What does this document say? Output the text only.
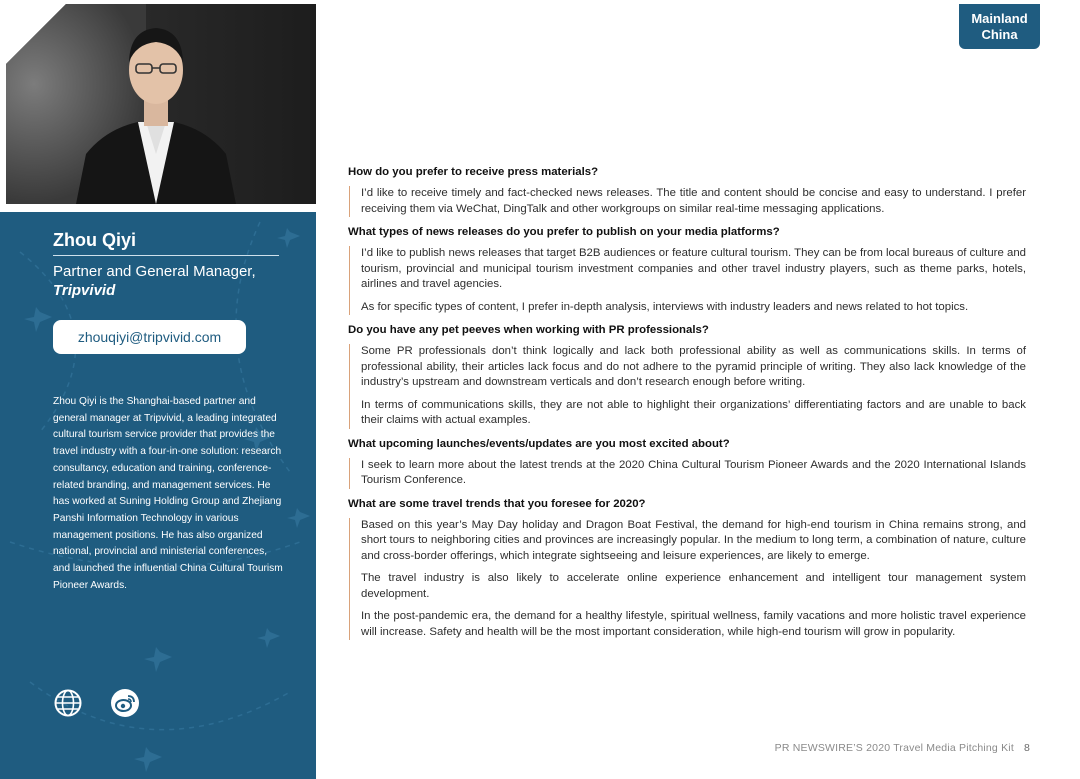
Zhou Qiyi
Partner and General Manager,
Tripvivid
zhouqiyi@tripvivid.com
Zhou Qiyi is the Shanghai-based partner and general manager at Tripvivid, a leading integrated cultural tourism service provider that provides the travel industry with a four-in-one solution: research consultancy, education and training, conference-related branding, and management services. He has worked at Suning Holding Group and Zhejiang Panshi Information Technology in various management positions. He has also organized national, provincial and ministerial conferences, and launched the influential China Cultural Tourism Pioneer Awards.
Mainland
China
How do you prefer to receive press materials?

I’d like to receive timely and fact-checked news releases. The title and content should be concise and easy to understand. I prefer receiving them via WeChat, DingTalk and other workgroups on similar real-time messaging applications.

What types of news releases do you prefer to publish on your media platforms?

I’d like to publish news releases that target B2B audiences or feature cultural tourism. They can be from local bureaus of culture and tourism, provincial and municipal tourism investment companies and other travel industry players, such as theme parks, hotels, airlines and travel agencies.

As for specific types of content, I prefer in-depth analysis, interviews with industry leaders and news related to hot topics.

Do you have any pet peeves when working with PR professionals?

Some PR professionals don’t think logically and lack both professional ability as well as communications skills. In terms of professional ability, their articles lack focus and do not adhere to the pyramid principle of writing. They also lack knowledge of the industry’s upstream and downstream verticals and don’t research enough before writing.

In terms of communications skills, they are not able to highlight their organizations’ differentiating factors and are unable to back their claims with actual examples.

What upcoming launches/events/updates are you most excited about?

I seek to learn more about the latest trends at the 2020 China Cultural Tourism Pioneer Awards and the 2020 International Islands Tourism Conference.

What are some travel trends that you foresee for 2020?

Based on this year’s May Day holiday and Dragon Boat Festival, the demand for high-end tourism in China remains strong, and short tours to neighboring cities and provinces are increasingly popular. In the medium to long term, a combination of nature, culture and cross-border offerings, which integrate sightseeing and leisure experiences, are likely to emerge.

The travel industry is also likely to accelerate online experience enhancement and intelligent tour management system development.

In the post-pandemic era, the demand for a healthy lifestyle, spiritual wellness, family vacations and more holistic travel experience will increase. Safety and health will be the most important consideration, while high-end tourism will grow in popularity.

PR NEWSWIRE’S 2020 Travel Media Pitching Kit 8
